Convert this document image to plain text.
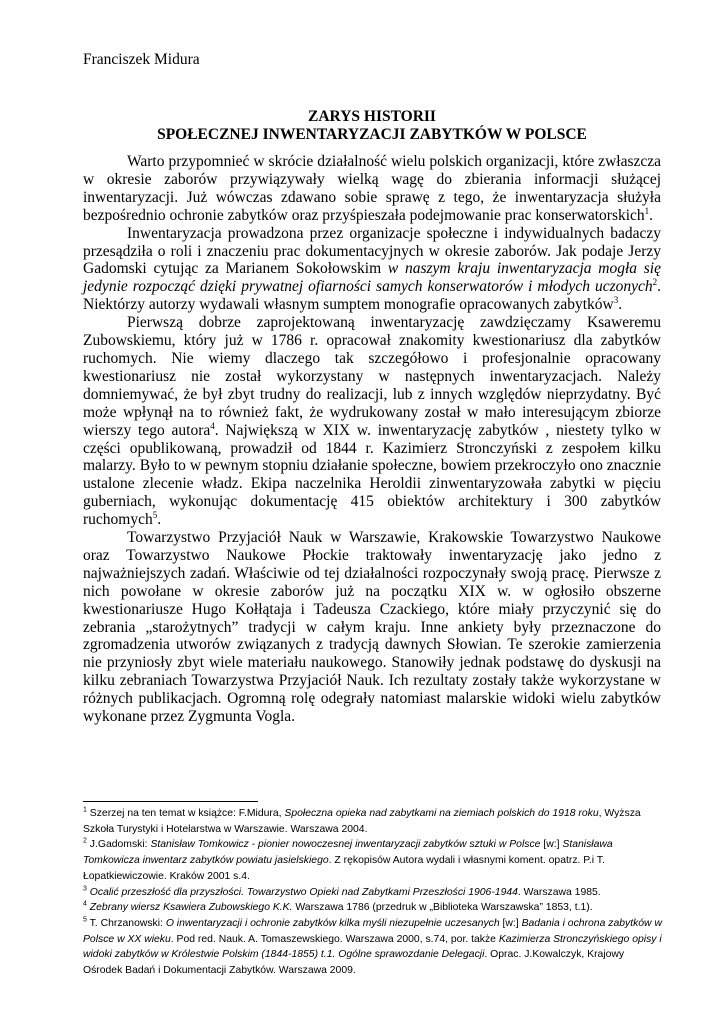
Franciszek Midura
ZARYS HISTORII
SPOŁECZNEJ INWENTARYZACJI ZABYTKÓW W POLSCE

Warto przypomnieć w skrócie działalność wielu polskich organizacji, które zwłaszcza w okresie zaborów przywiązywały wielką wagę do zbierania informacji służącej inwentaryzacji. Już wówczas zdawano sobie sprawę z tego, że inwentaryzacja służyła bezpośrednio ochronie zabytków oraz przyśpieszała podejmowanie prac konserwatorskich$^1$.

Inwentaryzacja prowadzona przez organizacje społeczne i indywidualnych badaczy przesądziła o roli i znaczeniu prac dokumentacyjnych w okresie zaborów. Jak podaje Jerzy Gadomski cytując za Marianem Sokołowskim w naszym kraju inwentaryzacja mogła się jedynie rozpocząć dzięki prywatnej ofiarności samych konserwatorów i młodych uczonych$^2$. Niektórzy autorzy wydawali własnym sumptem monografie opracowanych zabytków$^3$.

Pierwszą dobrze zaprojektowaną inwentaryzację zawdzięczamy Ksaweremu Zubowskiemu, który już w 1786 r. opracował znakomity kwestionariusz dla zabytków ruchomych. Nie wiemy dlaczego tak szczegółowo i profesjonalnie opracowany kwestionariusz nie został wykorzystany w następnych inwentaryzacjach. Należy domniemywać, że był zbyt trudny do realizacji, lub z innych względów nieprzydatny. Być może wpłynął na to również fakt, że wydrukowany został w mało interesującym zbiorze wierszy tego autora$^4$. Największą w XIX w. inwentaryzację zabytków , niestety tylko w części opublikowaną, prowadził od 1844 r. Kazimierz Stronczyński z zespołem kilku malarzy. Było to w pewnym stopniu działanie społeczne, bowiem przekroczyło ono znacznie ustalone zlecenie władz. Ekipa naczelnika Heroldii zinwentaryzowała zabytki w pięciu guberniach, wykonując dokumentację 415 obiektów architektury i 300 zabytków ruchomych$^5$.

Towarzystwo Przyjaciół Nauk w Warszawie, Krakowskie Towarzystwo Naukowe oraz Towarzystwo Naukowe Płockie traktowały inwentaryzację jako jedno z najważniejszych zadań. Właściwie od tej działalności rozpoczynały swoją pracę. Pierwsze z nich powołane w okresie zaborów już na początku XIX w. w ogłosiło obszerne kwestionariusze Hugo Kołłątaja i Tadeusza Czackiego, które miały przyczynić się do zebrania „starożytnych” tradycji w całym kraju. Inne ankiety były przeznaczone do zgromadzenia utworów związanych z tradycją dawnych Słowian. Te szerokie zamierzenia nie przyniosły zbyt wiele materiału naukowego. Stanowiły jednak podstawę do dyskusji na kilku zebraniach Towarzystwa Przyjaciół Nauk. Ich rezultaty zostały także wykorzystane w różnych publikacjach. Ogromną rolę odegrały natomiast malarskie widoki wielu zabytków wykonane przez Zygmunta Vogla.

$^1$ Szerzej na ten temat w książce: F.Midura, Społeczna opieka nad zabytkami na ziemiach polskich do 1918 roku, Wyższa Szkoła Turystyki i Hotelarstwa w Warszawie. Warszawa 2004.

$^2$ J.Gadomski: Stanisław Tomkowicz - pionier nowoczesnej inwentaryzacji zabytków sztuki w Polsce [w:] Stanisława Tomkowicza inwentarz zabytków powiatu jasielskiego. Z rękopisów Autora wydali i własnymi koment. opatrz. P.i T. Łopatkiewiczowie. Kraków 2001 s.4.

$^3$ Ocalić przeszłość dla przyszłości. Towarzystwo Opieki nad Zabytkami Przeszłości 1906-1944. Warszawa 1985.

$^4$ Zebrany wiersz Ksawiera Zubowskiego K.K. Warszawa 1786 (przedruk w „Biblioteka Warszawska” 1853, t.1).

$^5$ T. Chrzanowski: O inwentaryzacji i ochronie zabytków kilka myśli niezupełnie uczesanych [w:] Badania i ochrona zabytków w Polsce w XX wieku. Pod red. Nauk. A. Tomaszewskiego. Warszawa 2000, s.74, por. także Kazimierza Stronczyńskiego opisy i widoki zabytków w Królestwie Polskim (1844-1855) t.1. Ogólne sprawozdanie Delegacji. Oprac. J.Kowalczyk, Krajowy Ośrodek Badań i Dokumentacji Zabytków. Warszawa 2009.
